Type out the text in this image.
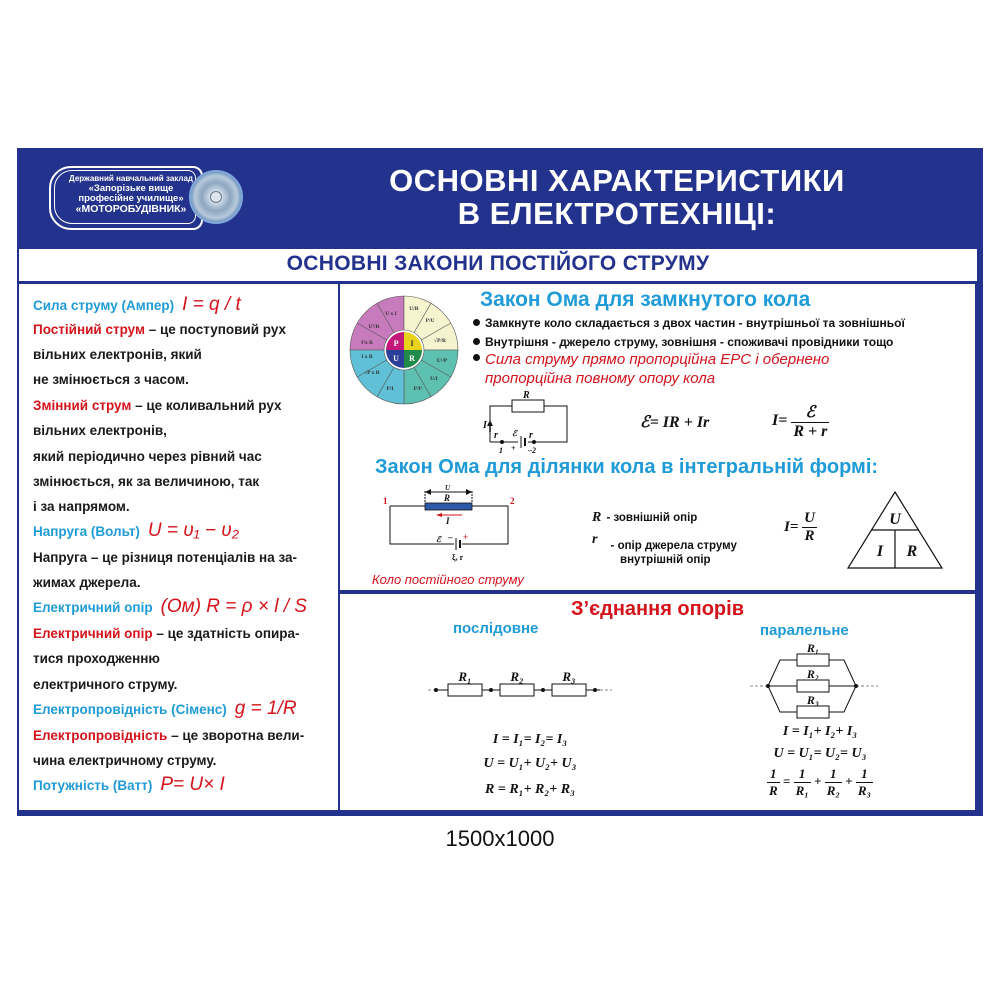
Державний навчальний заклад
«Запорізьке вище
професійне училище»
«МОТОРОБУДІВНИК»
ОСНОВНІ ХАРАКТЕРИСТИКИ
В ЕЛЕКТРОТЕХНІЦІ:
ОСНОВНІ ЗАКОНИ ПОСТІЙОГО СТРУМУ
Сила струму (Ампер) I = q / t
Постійний струм – це поступовий рух
вільних електронів, який
не змінюється з часом.
Змінний струм – це коливальний рух
вільних електронів,
який періодично через рівний час
змінюється, як за величиною, так
і за напрямом.
Напруга (Вольт) U = υ₁ − υ₂
Напруга – це різниця потенціалів на за-
жимах джерела.
Електричний опір (Ом) R = ρ × l / S
Електричний опір – це здатність опира-
тися проходженню
електричного струму.
Електропровідність (Сіменс) g = 1/R
Електропровідність – це зворотна вели-
чина електричному струму.
Потужність (Ватт) P= U× I
P I
U R
U x I
U²/R
I²x R
I x R
√P x R
P/I	P/I²
U/I
U²/P
√P/R
P/U
U/R	Закон Ома для замкнутого кола
Замкнуте коло складається з двох частин - внутрішньої та зовнішньої
Внутрішня - джерело струму, зовнішня - споживачі провідники тощо
Сила струму прямо пропорційна ЕРС і обернено
пропорційна повному опору кола
R
I
r ℰ r
1 + –2
ℰ= IR + Ir	$I= \frac{\text{ℰ}}{R + r}$
Закон Ома для ділянки кола в інтегральній формі:
U
R
I
ℰ –
ξ, r
1	2
+
Коло постійного струму
R - зовнішній опір
r $_{- опір джерела струму}$
внутрішній опір
$I= \frac{U}{R}$	U
I R
З’єднання опорів
послідовне	паралельне
R₁	R₂	R₃
I = I₁= I₂= I₃
U = U₁+ U₂+ U₃
R = R₁+ R₂+ R₃
R₁
R₂
R₃
I = I₁+ I₂+ I₃
U = U₁= U₂= U₃
$\frac{1}{R} = \frac{1}{\text{R₁}} + \frac{1}{\text{R₂}} + \frac{1}{\text{R₃}}$
1500x1000
